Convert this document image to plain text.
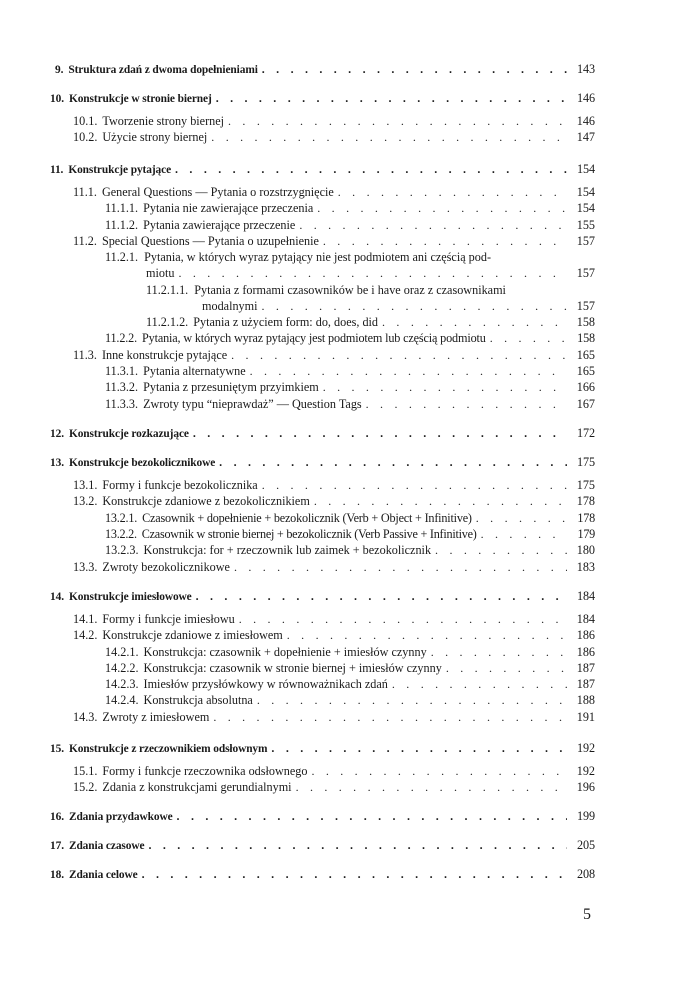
9. Struktura zdań z dwoma dopełnieniami . . .	143
10. Konstrukcje w stronie biernej . . .	146
10.1. Tworzenie strony biernej . . .	146
10.2. Użycie strony biernej . . .	147
11. Konstrukcje pytające . . .	154
11.1. General Questions — Pytania o rozstrzygnięcie . . .	154
11.1.1. Pytania nie zawierające przeczenia . . .	154
11.1.2. Pytania zawierające przeczenie . . .	155
11.2. Special Questions — Pytania o uzupełnienie . . .	157
11.2.1. Pytania, w których wyraz pytający nie jest podmiotem ani częścią pod-
miotu . . .	157
11.2.1.1. Pytania z formami czasowników be i have oraz z czasownikami
modalnymi . . .	157
11.2.1.2. Pytania z użyciem form: do, does, did . . .	158
11.2.2. Pytania, w których wyraz pytający jest podmiotem lub częścią podmiotu . . .	158
11.3. Inne konstrukcje pytające . . .	165
11.3.1. Pytania alternatywne . . .	165
11.3.2. Pytania z przesuniętym przyimkiem . . .	166
11.3.3. Zwroty typu “nieprawdaż” — Question Tags . . .	167
12. Konstrukcje rozkazujące . . .	172
13. Konstrukcje bezokolicznikowe . . .	175
13.1. Formy i funkcje bezokolicznika . . .	175
13.2. Konstrukcje zdaniowe z bezokolicznikiem . . .	178
13.2.1. Czasownik + dopełnienie + bezokolicznik (Verb + Object + Infinitive) . . .	178
13.2.2. Czasownik w stronie biernej + bezokolicznik (Verb Passive + Infinitive) . . .	179
13.2.3. Konstrukcja: for + rzeczownik lub zaimek + bezokolicznik . . .	180
13.3. Zwroty bezokolicznikowe . . .	183
14. Konstrukcje imiesłowowe . . .	184
14.1. Formy i funkcje imiesłowu . . .	184
14.2. Konstrukcje zdaniowe z imiesłowem . . .	186
14.2.1. Konstrukcja: czasownik + dopełnienie + imiesłów czynny . . .	186
14.2.2. Konstrukcja: czasownik w stronie biernej + imiesłów czynny . . .	187
14.2.3. Imiesłów przysłówkowy w równoważnikach zdań . . .	187
14.2.4. Konstrukcja absolutna . . .	188
14.3. Zwroty z imiesłowem . . .	191
15. Konstrukcje z rzeczownikiem odsłownym . . .	192
15.1. Formy i funkcje rzeczownika odsłownego . . .	192
15.2. Zdania z konstrukcjami gerundialnymi . . .	196
16. Zdania przydawkowe . . .	199
17. Zdania czasowe . . .	205
18. Zdania celowe . . .	208
5
